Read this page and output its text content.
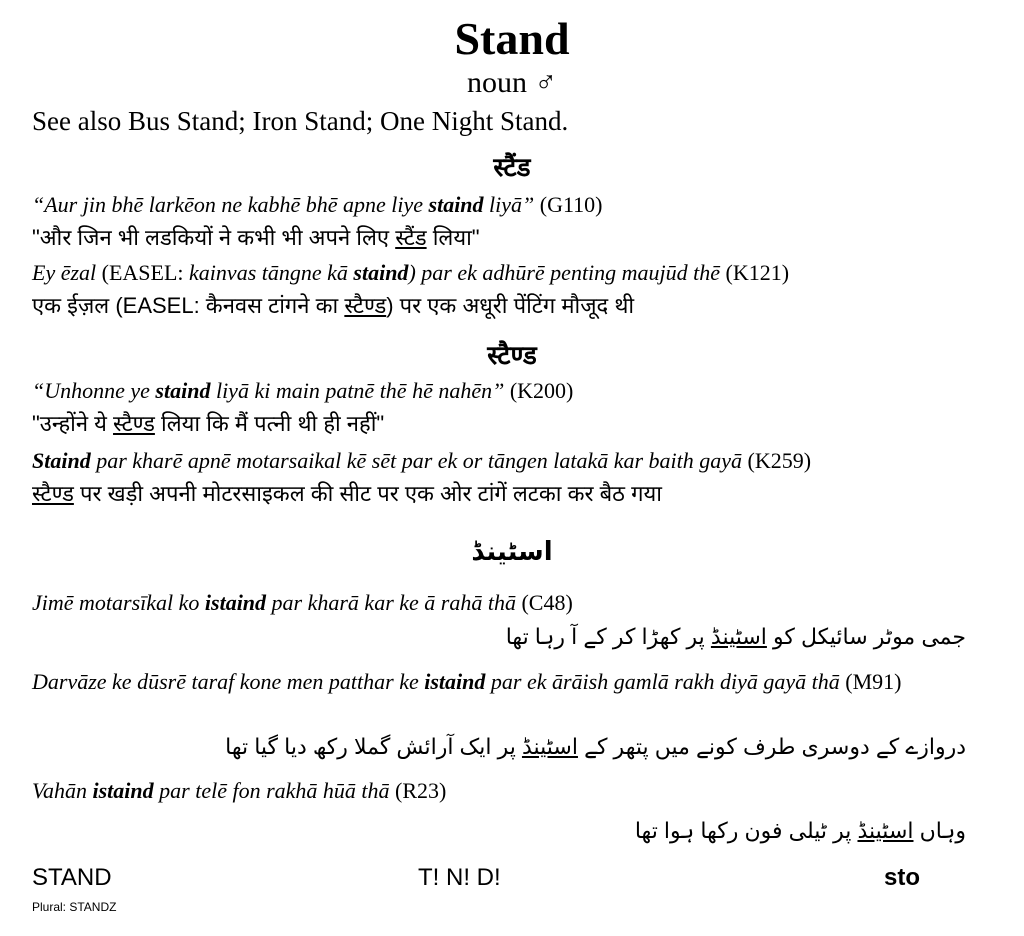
Stand
noun ♂
See also Bus Stand; Iron Stand; One Night Stand.
स्टैंड
“Aur jin bhē larkēon ne kabhē bhē apne liye staind liyā” (G110)
"और जिन भी लडकियों ने कभी भी अपने लिए स्टैंड लिया"
Ey ēzal (EASEL: kainvas tāngne kā staind) par ek adhūrē penting maujūd thē (K121)
एक ईज़ल (EASEL: कैनवस टांगने का स्टैण्ड) पर एक अधूरी पेंटिंग मौजूद थी
स्टैण्ड
“Unhonne ye staind liyā ki main patnē thē hē nahēn” (K200)
"उन्होंने ये स्टैण्ड लिया कि मैं पत्नी थी ही नहीं"
Staind par kharē apnē motarsaikal kē sēt par ek or tāngen latakā kar baith gayā (K259)
स्टैण्ड पर खड़ी अपनी मोटरसाइकल की सीट पर एक ओर टांगें लटका कर बैठ गया
اسٹینڈ
Jimē motarsīkal ko istaind par kharā kar ke ā rahā thā (C48)
جمی موٹر سائیکل کو اسٹینڈ پر کھڑا کر کے آ رہا تھا
Darvāze ke dūsrē taraf kone men patthar ke istaind par ek ārāish gamlā rakh diyā gayā thā (M91)
دروازے کے دوسری طرف کونے میں پتھر کے اسٹینڈ پر ایک آرائش گملا رکھ دیا گیا تھا
Vahān istaind par telē fon rakhā hūā thā (R23)
وہاں اسٹینڈ پر ٹیلی فون رکھا ہوا تھا
STAND	T! N! D!	sto
Plural: STANDZ
